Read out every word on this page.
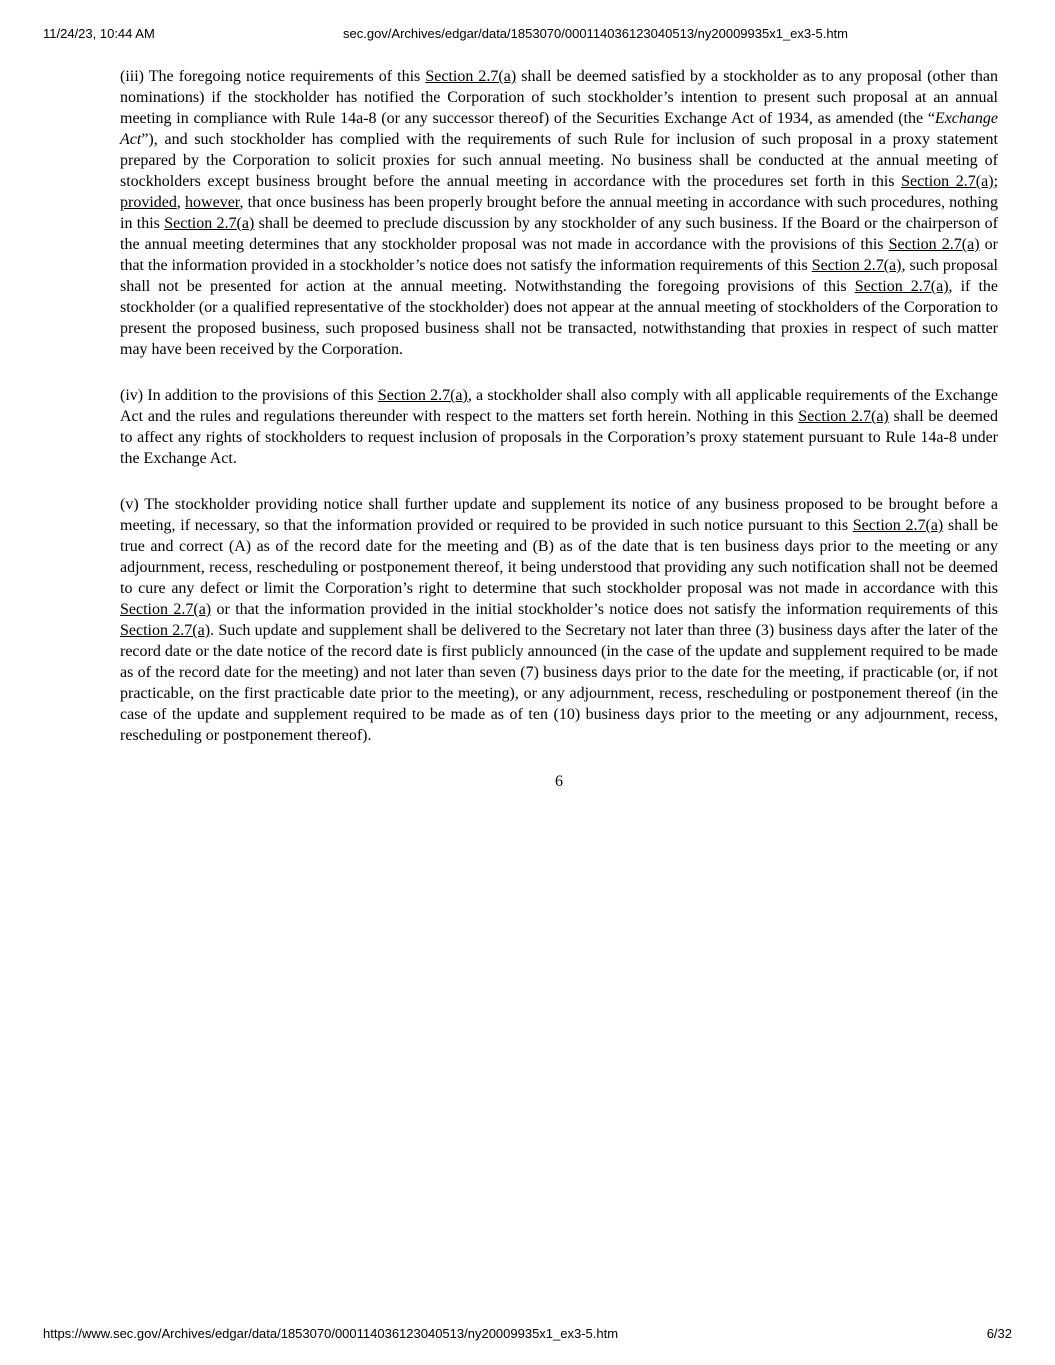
11/24/23, 10:44 AM	sec.gov/Archives/edgar/data/1853070/000114036123040513/ny20009935x1_ex3-5.htm

(iii) The foregoing notice requirements of this Section 2.7(a) shall be deemed satisfied by a stockholder as to any proposal (other than nominations) if the stockholder has notified the Corporation of such stockholder’s intention to present such proposal at an annual meeting in compliance with Rule 14a-8 (or any successor thereof) of the Securities Exchange Act of 1934, as amended (the “Exchange Act”), and such stockholder has complied with the requirements of such Rule for inclusion of such proposal in a proxy statement prepared by the Corporation to solicit proxies for such annual meeting. No business shall be conducted at the annual meeting of stockholders except business brought before the annual meeting in accordance with the procedures set forth in this Section 2.7(a); provided, however, that once business has been properly brought before the annual meeting in accordance with such procedures, nothing in this Section 2.7(a) shall be deemed to preclude discussion by any stockholder of any such business. If the Board or the chairperson of the annual meeting determines that any stockholder proposal was not made in accordance with the provisions of this Section 2.7(a) or that the information provided in a stockholder’s notice does not satisfy the information requirements of this Section 2.7(a), such proposal shall not be presented for action at the annual meeting. Notwithstanding the foregoing provisions of this Section 2.7(a), if the stockholder (or a qualified representative of the stockholder) does not appear at the annual meeting of stockholders of the Corporation to present the proposed business, such proposed business shall not be transacted, notwithstanding that proxies in respect of such matter may have been received by the Corporation.

(iv) In addition to the provisions of this Section 2.7(a), a stockholder shall also comply with all applicable requirements of the Exchange Act and the rules and regulations thereunder with respect to the matters set forth herein. Nothing in this Section 2.7(a) shall be deemed to affect any rights of stockholders to request inclusion of proposals in the Corporation’s proxy statement pursuant to Rule 14a-8 under the Exchange Act.

(v) The stockholder providing notice shall further update and supplement its notice of any business proposed to be brought before a meeting, if necessary, so that the information provided or required to be provided in such notice pursuant to this Section 2.7(a) shall be true and correct (A) as of the record date for the meeting and (B) as of the date that is ten business days prior to the meeting or any adjournment, recess, rescheduling or postponement thereof, it being understood that providing any such notification shall not be deemed to cure any defect or limit the Corporation’s right to determine that such stockholder proposal was not made in accordance with this Section 2.7(a) or that the information provided in the initial stockholder’s notice does not satisfy the information requirements of this Section 2.7(a). Such update and supplement shall be delivered to the Secretary not later than three (3) business days after the later of the record date or the date notice of the record date is first publicly announced (in the case of the update and supplement required to be made as of the record date for the meeting) and not later than seven (7) business days prior to the date for the meeting, if practicable (or, if not practicable, on the first practicable date prior to the meeting), or any adjournment, recess, rescheduling or postponement thereof (in the case of the update and supplement required to be made as of ten (10) business days prior to the meeting or any adjournment, recess, rescheduling or postponement thereof).

6
https://www.sec.gov/Archives/edgar/data/1853070/000114036123040513/ny20009935x1_ex3-5.htm	6/32
